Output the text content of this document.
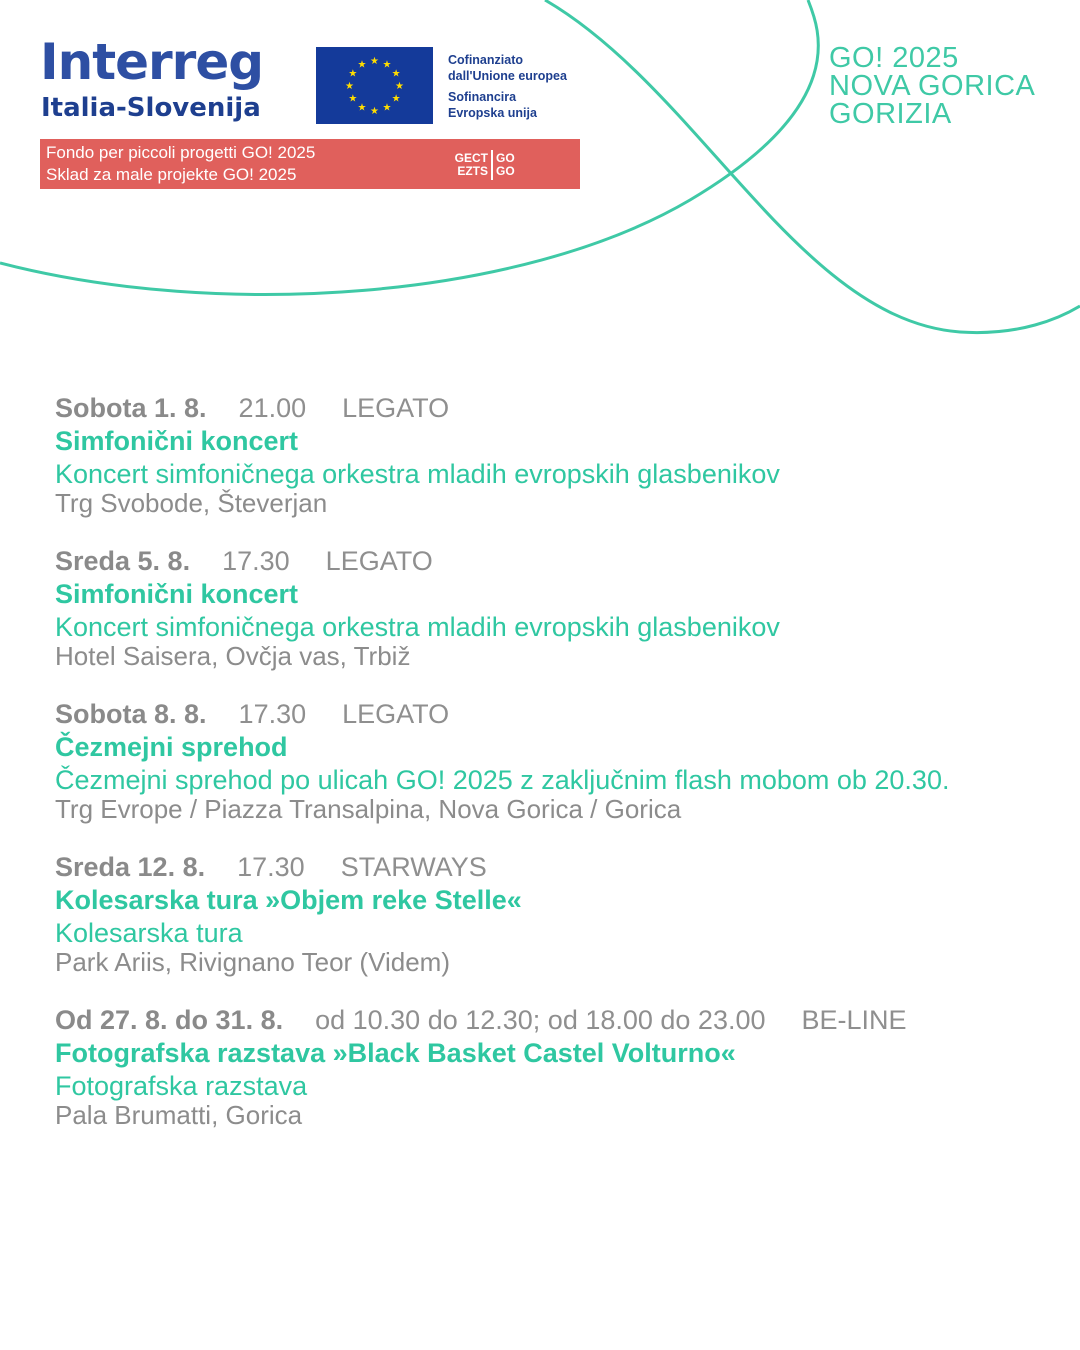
Interreg
Italia-Slovenija
★ ★
★
★
★
★
★
★
★
★
★
★	Cofinanziato
dall'Unione europea
Sofinancira
Evropska unija
Fondo per piccoli progetti GO! 2025
Sklad za male projekte GO! 2025
GECT
EZTS
GO
GO
GO! 2025
NOVA GORICA
GORIZIA
Sobota 1. 8. 21.00 LEGATO
Simfonični koncert
Koncert simfoničnega orkestra mladih evropskih glasbenikov
Trg Svobode, Števerjan
Sreda 5. 8. 17.30 LEGATO
Simfonični koncert
Koncert simfoničnega orkestra mladih evropskih glasbenikov
Hotel Saisera, Ovčja vas, Trbiž
Sobota 8. 8. 17.30 LEGATO
Čezmejni sprehod
Čezmejni sprehod po ulicah GO! 2025 z zaključnim flash mobom ob 20.30.
Trg Evrope / Piazza Transalpina, Nova Gorica / Gorica
Sreda 12. 8. 17.30 STARWAYS
Kolesarska tura »Objem reke Stelle«
Kolesarska tura
Park Ariis, Rivignano Teor (Videm)
Od 27. 8. do 31. 8. od 10.30 do 12.30; od 18.00 do 23.00 BE-LINE
Fotografska razstava »Black Basket Castel Volturno«
Fotografska razstava
Pala Brumatti, Gorica
